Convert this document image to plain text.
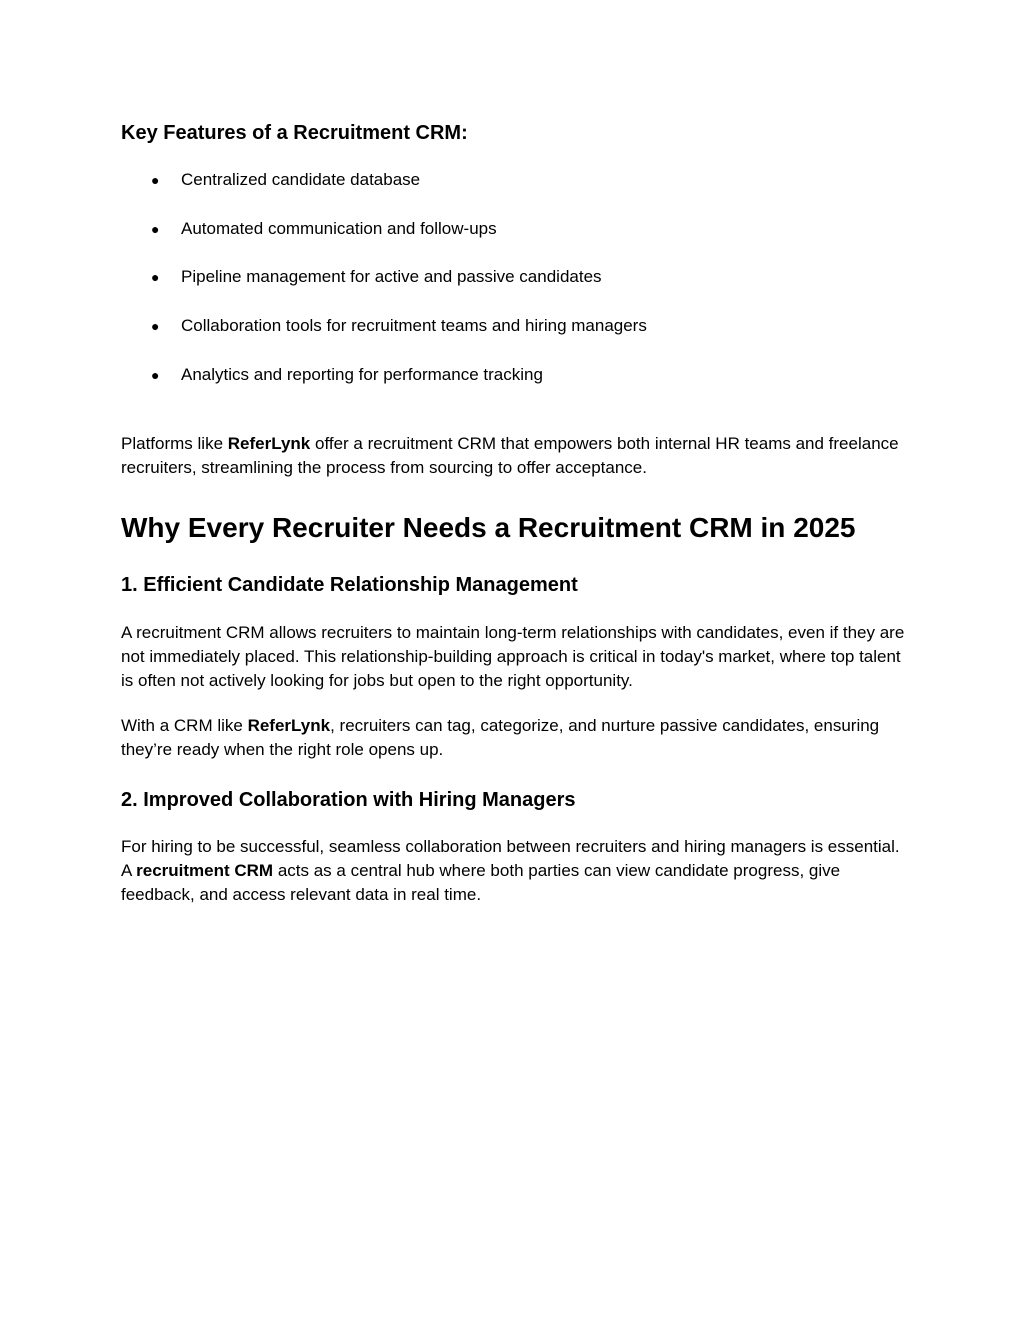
Key Features of a Recruitment CRM:
● Centralized candidate database
● Automated communication and follow-ups
● Pipeline management for active and passive candidates
● Collaboration tools for recruitment teams and hiring managers
● Analytics and reporting for performance tracking

Platforms like ReferLynk offer a recruitment CRM that empowers both internal HR teams and freelance recruiters, streamlining the process from sourcing to offer acceptance.

Why Every Recruiter Needs a Recruitment CRM in 2025
1. Efficient Candidate Relationship Management

A recruitment CRM allows recruiters to maintain long-term relationships with candidates, even if they are not immediately placed. This relationship-building approach is critical in today's market, where top talent is often not actively looking for jobs but open to the right opportunity.

With a CRM like ReferLynk, recruiters can tag, categorize, and nurture passive candidates, ensuring they’re ready when the right role opens up.

2. Improved Collaboration with Hiring Managers

For hiring to be successful, seamless collaboration between recruiters and hiring managers is essential. A recruitment CRM acts as a central hub where both parties can view candidate progress, give feedback, and access relevant data in real time.
